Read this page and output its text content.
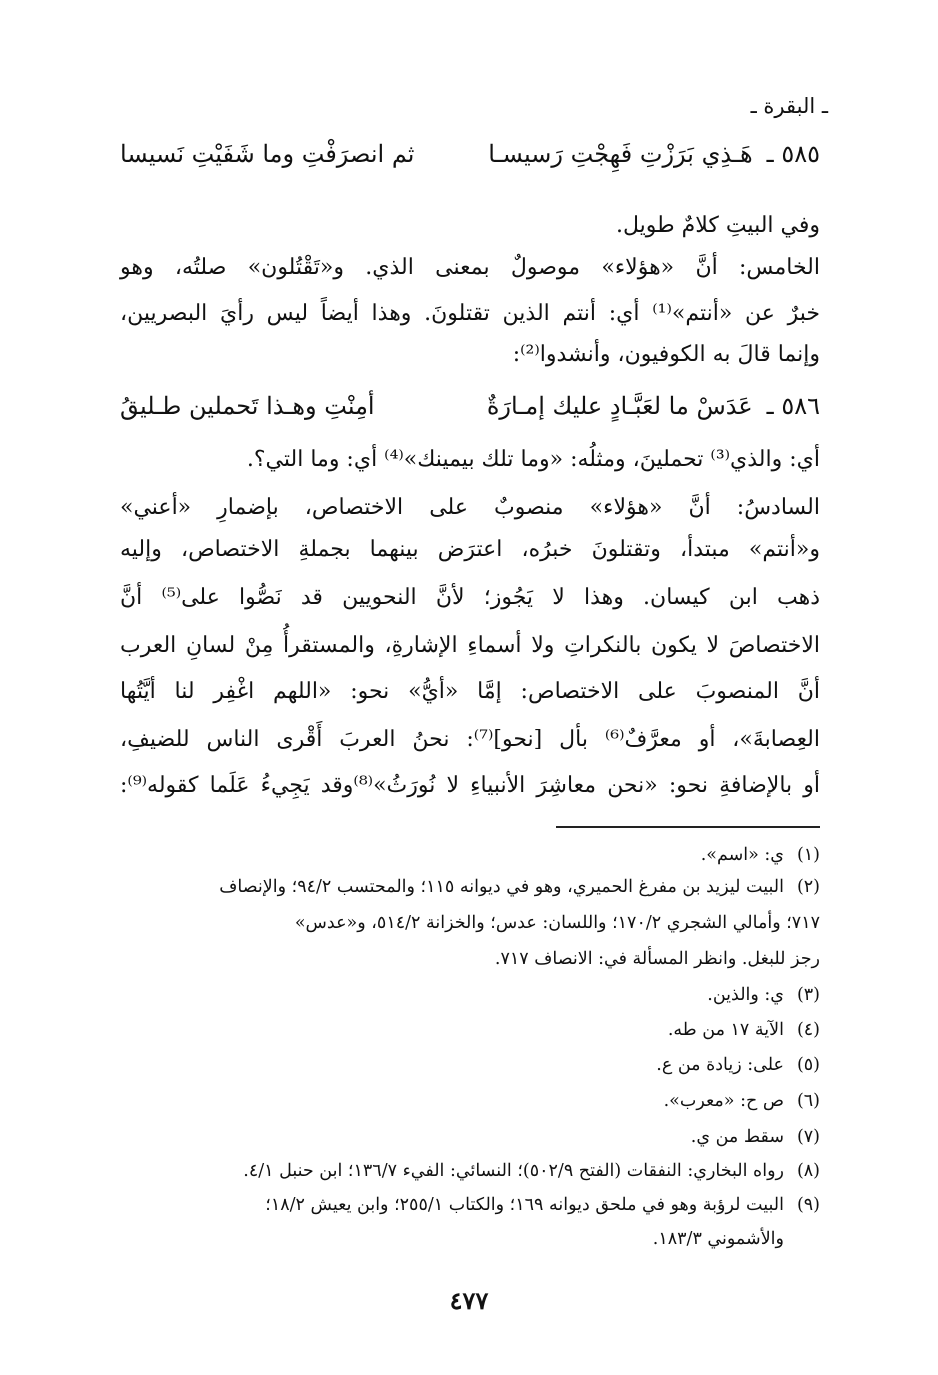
ـ البقرة ـ
٥٨٥ ـهَـذِي بَرَزْتِ فَهِجْتِ رَسيسـا
ثم انصرَفْتِ وما شَفَيْتِ نَسيسا
وفي البيتِ كلامٌ طويل.
الخامس: أنَّ «هؤلاء» موصولٌ بمعنى الذي. و«تَقْتُلون» صلتُه، وهو
خبرٌ عن «أنتم»⁽¹⁾ أي: أنتم الذين تقتلونَ. وهذا أيضاً ليس رأيَ البصريين،
وإنما قالَ به الكوفيون، وأنشدوا⁽²⁾:
٥٨٦ ـعَدَسْ ما لعَبَّـادٍ عليك إمـارَةٌ
أمِنْتِ وهـذا تَحملين طـليقُ
أي: والذي⁽³⁾ تحملينَ، ومثلُه: «وما تلك بيمينك»⁽⁴⁾ أي: وما التي؟.
السادسُ: أنَّ «هؤلاء» منصوبٌ على الاختصاص، بإضمارِ «أعني»
و«أنتم» مبتدأ، وتقتلونَ خبرُه، اعترَض بينهما بجملةِ الاختصاص، وإليه
ذهب ابن كيسان. وهذا لا يَجُوز؛ لأنَّ النحويين قد نَصُّوا على⁽⁵⁾ أنَّ
الاختصاصَ لا يكون بالنكراتِ ولا أسماءِ الإشارةِ، والمستقرأُ مِنْ لسانِ العرب
أنَّ المنصوبَ على الاختصاص: إمَّا «أيُّ» نحو: «اللهم اغْفِر لنا أيَّتُها
العِصابةَ»، أو معرَّفٌ⁽⁶⁾ بأل [نحو]⁽⁷⁾: نحنُ العربَ أَقْرى الناس للضيفِ،
أو بالإضافةِ نحو: «نحن معاشِرَ الأنبياءِ لا نُورَثُ»⁽⁸⁾وقد يَجِيءُ عَلَما كقوله⁽⁹⁾:
(١)ي: «اسم».
(٢)البيت ليزيد بن مفرغ الحميري، وهو في ديوانه ١١٥؛ والمحتسب ٩٤/٢؛ والإنصاف
٧١٧؛ وأمالي الشجري ١٧٠/٢؛ واللسان: عدس؛ والخزانة ٥١٤/٢، و«عدس»
رجز للبغل. وانظر المسألة في: الانصاف ٧١٧.
(٣)ي: والذين.
(٤)الآية ١٧ من طه.
(٥)على: زيادة من ع.
(٦)ص ح: «معرب».
(٧)سقط من ي.
(٨)رواه البخاري: النفقات (الفتح ٥٠٢/٩)؛ النسائي: الفيء ١٣٦/٧؛ ابن حنبل ٤/١.
(٩)البيت لرؤبة وهو في ملحق ديوانه ١٦٩؛ والكتاب ٢٥٥/١؛ وابن يعيش ١٨/٢؛
والأشموني ١٨٣/٣.
٤٧٧
